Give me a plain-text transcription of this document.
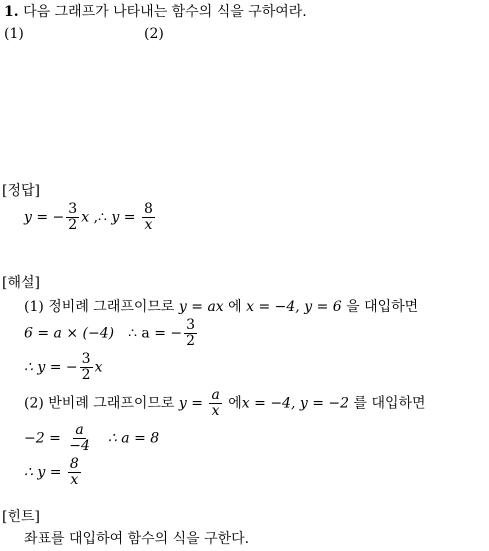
1. 다음 그래프가 나타내는 함수의 식을 구하여라.
(1)	(2)
[정답]
y = − $\frac{3}{2}$ x ,∴ $y = \frac{8}{x}$
[해설]
(1) 정비례 그래프이므로 y = ax 에 x = −4, y = 6 을 대입하면
6 = a × (−4) ∴ a = − $\frac{3}{2}$
∴ y = − $\frac{3}{2}$ x
(2) 반비례 그래프이므로 $y = \frac{a}{x}$ 에x = −4, y = −2 를 대입하면
$-2 = \frac{a}{-4}$ ∴ a = 8
∴ $y = \frac{8}{x}$
[힌트]
좌표를 대입하여 함수의 식을 구한다.
